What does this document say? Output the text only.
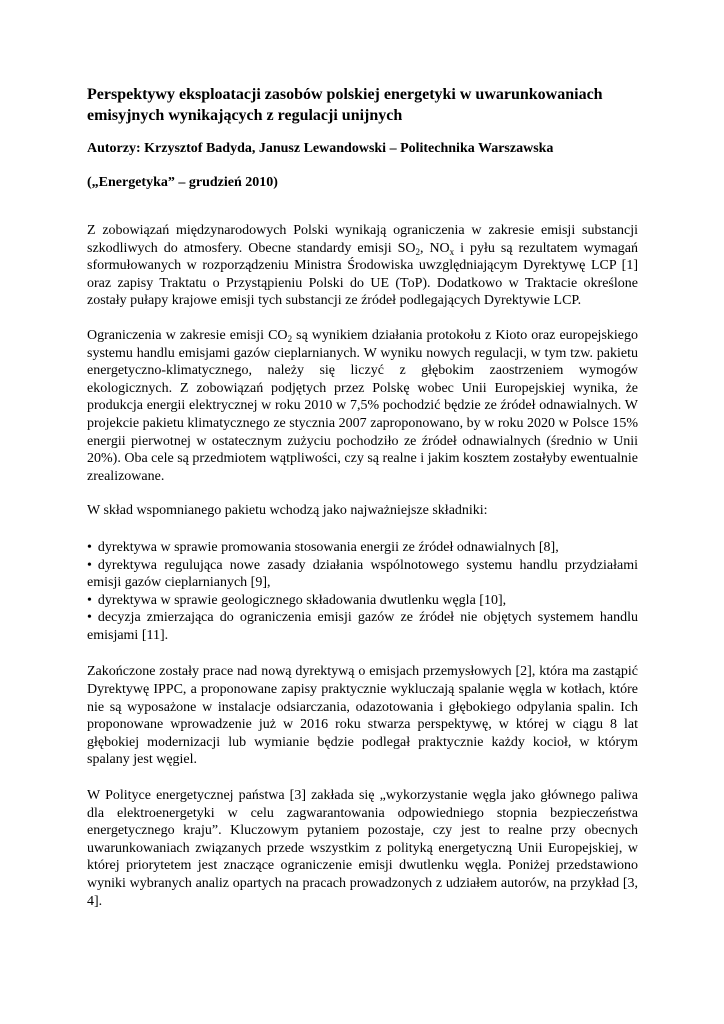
Perspektywy eksploatacji zasobów polskiej energetyki w uwarunkowaniach emisyjnych wynikających z regulacji unijnych

Autorzy: Krzysztof Badyda, Janusz Lewandowski – Politechnika Warszawska

(„Energetyka” – grudzień 2010)

Z zobowiązań międzynarodowych Polski wynikają ograniczenia w zakresie emisji substancji szkodliwych do atmosfery. Obecne standardy emisji $SO_2$, $NO_x$ i pyłu są rezultatem wymagań sformułowanych w rozporządzeniu Ministra Środowiska uwzględniającym Dyrektywę LCP [1] oraz zapisy Traktatu o Przystąpieniu Polski do UE (ToP). Dodatkowo w Traktacie określone zostały pułapy krajowe emisji tych substancji ze źródeł podlegających Dyrektywie LCP.

Ograniczenia w zakresie emisji $CO_2$ są wynikiem działania protokołu z Kioto oraz europejskiego systemu handlu emisjami gazów cieplarnianych. W wyniku nowych regulacji, w tym tzw. pakietu energetyczno-klimatycznego, należy się liczyć z głębokim zaostrzeniem wymogów ekologicznych. Z zobowiązań podjętych przez Polskę wobec Unii Europejskiej wynika, że produkcja energii elektrycznej w roku 2010 w 7,5% pochodzić będzie ze źródeł odnawialnych. W projekcie pakietu klimatycznego ze stycznia 2007 zaproponowano, by w roku 2020 w Polsce 15% energii pierwotnej w ostatecznym zużyciu pochodziło ze źródeł odnawialnych (średnio w Unii 20%). Oba cele są przedmiotem wątpliwości, czy są realne i jakim kosztem zostałyby ewentualnie zrealizowane.

W skład wspomnianego pakietu wchodzą jako najważniejsze składniki:

• dyrektywa w sprawie promowania stosowania energii ze źródeł odnawialnych [8],
• dyrektywa regulująca nowe zasady działania wspólnotowego systemu handlu przydziałami emisji gazów cieplarnianych [9],
• dyrektywa w sprawie geologicznego składowania dwutlenku węgla [10],
• decyzja zmierzająca do ograniczenia emisji gazów ze źródeł nie objętych systemem handlu emisjami [11].

Zakończone zostały prace nad nową dyrektywą o emisjach przemysłowych [2], która ma zastąpić Dyrektywę IPPC, a proponowane zapisy praktycznie wykluczają spalanie węgla w kotłach, które nie są wyposażone w instalacje odsiarczania, odazotowania i głębokiego odpylania spalin. Ich proponowane wprowadzenie już w 2016 roku stwarza perspektywę, w której w ciągu 8 lat głębokiej modernizacji lub wymianie będzie podlegał praktycznie każdy kocioł, w którym spalany jest węgiel.

W Polityce energetycznej państwa [3] zakłada się „wykorzystanie węgla jako głównego paliwa dla elektroenergetyki w celu zagwarantowania odpowiedniego stopnia bezpieczeństwa energetycznego kraju”. Kluczowym pytaniem pozostaje, czy jest to realne przy obecnych uwarunkowaniach związanych przede wszystkim z polityką energetyczną Unii Europejskiej, w której priorytetem jest znaczące ograniczenie emisji dwutlenku węgla. Poniżej przedstawiono wyniki wybranych analiz opartych na pracach prowadzonych z udziałem autorów, na przykład [3, 4].
